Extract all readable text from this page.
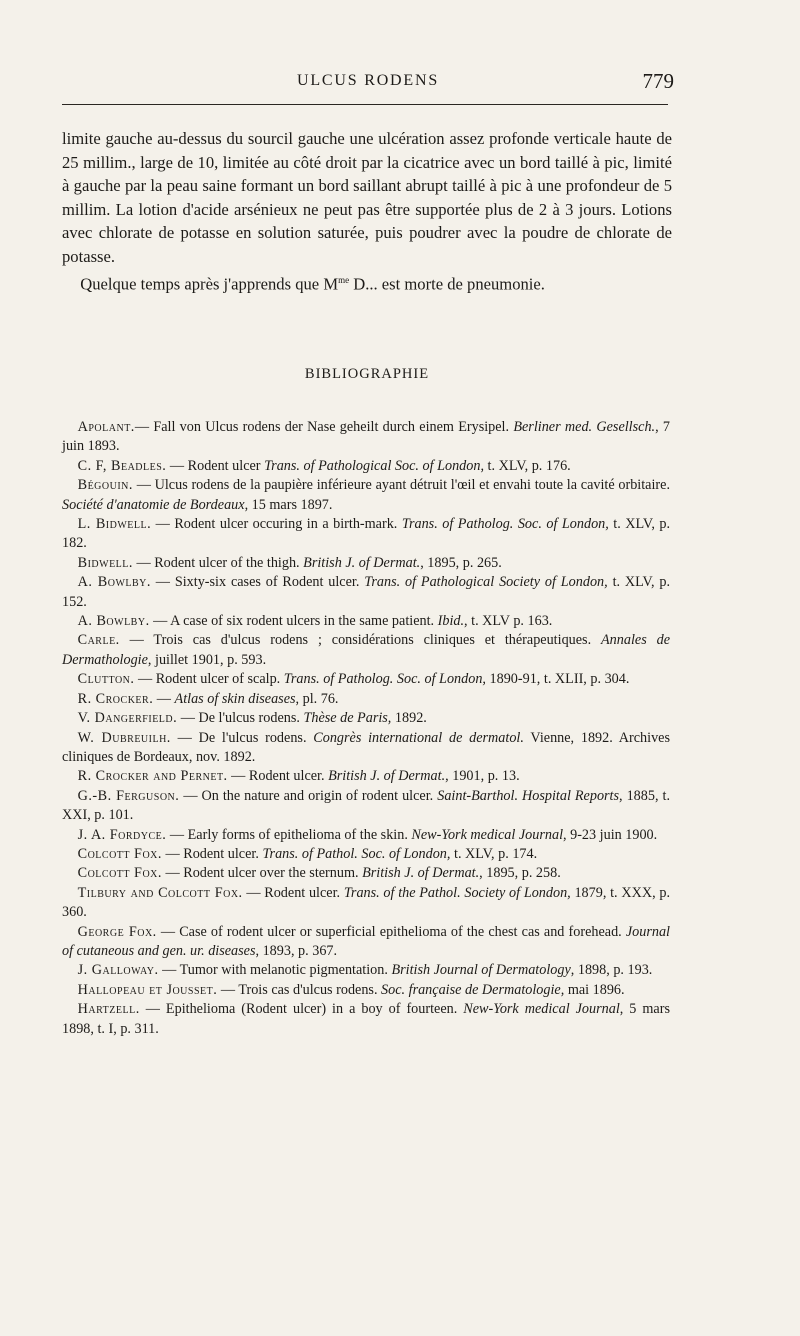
ULCUS RODENS	779

limite gauche au-dessus du sourcil gauche une ulcération assez profonde verticale haute de 25 millim., large de 10, limitée au côté droit par la cicatrice avec un bord taillé à pic, limité à gauche par la peau saine formant un bord saillant abrupt taillé à pic à une profondeur de 5 millim. La lotion d'acide arsénieux ne peut pas être supportée plus de 2 à 3 jours. Lotions avec chlorate de potasse en solution saturée, puis poudrer avec la poudre de chlorate de potasse.

Quelque temps après j'apprends que $M^{me}$ D... est morte de pneumonie.

BIBLIOGRAPHIE

Apolant.— Fall von Ulcus rodens der Nase geheilt durch einem Erysipel. Berliner med. Gesellsch., 7 juin 1893.

C. F, Beadles. — Rodent ulcer Trans. of Pathological Soc. of London, t. XLV, p. 176.

Bégouin. — Ulcus rodens de la paupière inférieure ayant détruit l'œil et envahi toute la cavité orbitaire. Société d'anatomie de Bordeaux, 15 mars 1897.

L. Bidwell. — Rodent ulcer occuring in a birth-mark. Trans. of Patholog. Soc. of London, t. XLV, p. 182.

Bidwell. — Rodent ulcer of the thigh. British J. of Dermat., 1895, p. 265.

A. Bowlby. — Sixty-six cases of Rodent ulcer. Trans. of Pathological Society of London, t. XLV, p. 152.

A. Bowlby. — A case of six rodent ulcers in the same patient. Ibid., t. XLV p. 163.

Carle. — Trois cas d'ulcus rodens ; considérations cliniques et thérapeutiques. Annales de Dermathologie, juillet 1901, p. 593.

Clutton. — Rodent ulcer of scalp. Trans. of Patholog. Soc. of London, 1890-91, t. XLII, p. 304.

R. Crocker. — Atlas of skin diseases, pl. 76.

V. Dangerfield. — De l'ulcus rodens. Thèse de Paris, 1892.

W. Dubreuilh. — De l'ulcus rodens. Congrès international de dermatol. Vienne, 1892. Archives cliniques de Bordeaux, nov. 1892.

R. Crocker and Pernet. — Rodent ulcer. British J. of Dermat., 1901, p. 13.

G.-B. Ferguson. — On the nature and origin of rodent ulcer. Saint-Barthol. Hospital Reports, 1885, t. XXI, p. 101.

J. A. Fordyce. — Early forms of epithelioma of the skin. New-York medical Journal, 9-23 juin 1900.

Colcott Fox. — Rodent ulcer. Trans. of Pathol. Soc. of London, t. XLV, p. 174.

Colcott Fox. — Rodent ulcer over the sternum. British J. of Dermat., 1895, p. 258.

Tilbury and Colcott Fox. — Rodent ulcer. Trans. of the Pathol. Society of London, 1879, t. XXX, p. 360.

George Fox. — Case of rodent ulcer or superficial epithelioma of the chest cas and forehead. Journal of cutaneous and gen. ur. diseases, 1893, p. 367.

J. Galloway. — Tumor with melanotic pigmentation. British Journal of Dermatology, 1898, p. 193.

Hallopeau et Jousset. — Trois cas d'ulcus rodens. Soc. française de Dermatologie, mai 1896.

Hartzell. — Epithelioma (Rodent ulcer) in a boy of fourteen. New-York medical Journal, 5 mars 1898, t. I, p. 311.
